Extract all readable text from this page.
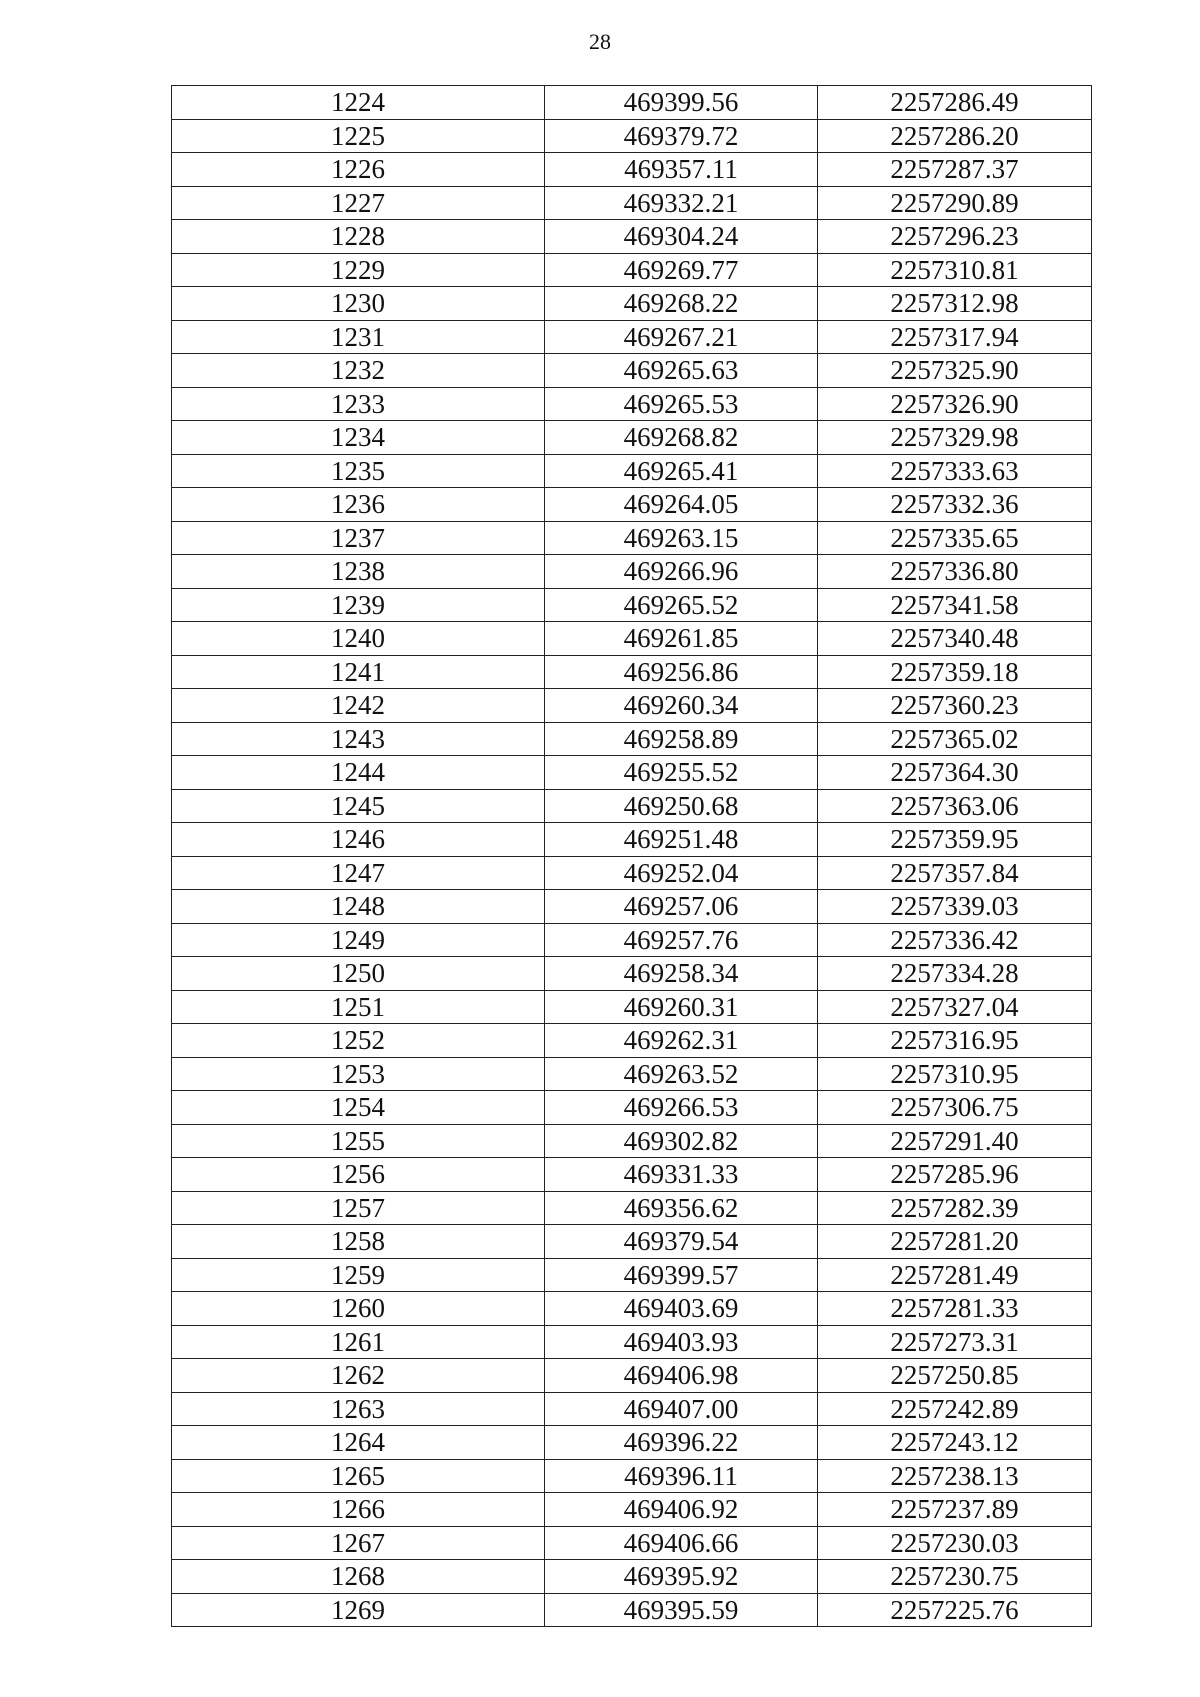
28
1224	469399.56	2257286.49
1225	469379.72	2257286.20
1226	469357.11	2257287.37
1227	469332.21	2257290.89
1228	469304.24	2257296.23
1229	469269.77	2257310.81
1230	469268.22	2257312.98
1231	469267.21	2257317.94
1232	469265.63	2257325.90
1233	469265.53	2257326.90
1234	469268.82	2257329.98
1235	469265.41	2257333.63
1236	469264.05	2257332.36
1237	469263.15	2257335.65
1238	469266.96	2257336.80
1239	469265.52	2257341.58
1240	469261.85	2257340.48
1241	469256.86	2257359.18
1242	469260.34	2257360.23
1243	469258.89	2257365.02
1244	469255.52	2257364.30
1245	469250.68	2257363.06
1246	469251.48	2257359.95
1247	469252.04	2257357.84
1248	469257.06	2257339.03
1249	469257.76	2257336.42
1250	469258.34	2257334.28
1251	469260.31	2257327.04
1252	469262.31	2257316.95
1253	469263.52	2257310.95
1254	469266.53	2257306.75
1255	469302.82	2257291.40
1256	469331.33	2257285.96
1257	469356.62	2257282.39
1258	469379.54	2257281.20
1259	469399.57	2257281.49
1260	469403.69	2257281.33
1261	469403.93	2257273.31
1262	469406.98	2257250.85
1263	469407.00	2257242.89
1264	469396.22	2257243.12
1265	469396.11	2257238.13
1266	469406.92	2257237.89
1267	469406.66	2257230.03
1268	469395.92	2257230.75
1269	469395.59	2257225.76
